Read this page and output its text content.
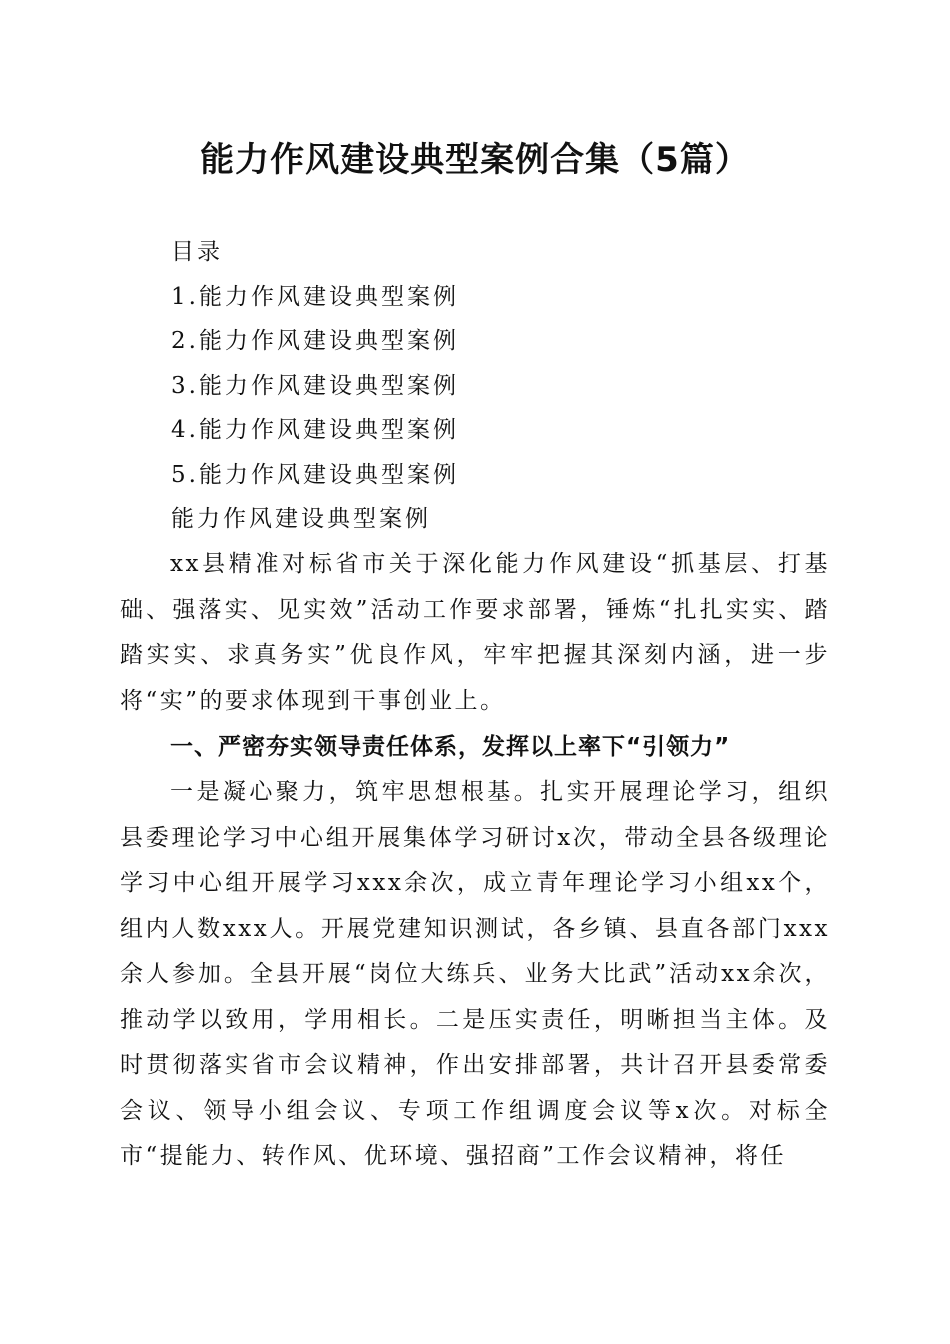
能力作风建设典型案例合集（5篇）
目录
1.能力作风建设典型案例
2.能力作风建设典型案例
3.能力作风建设典型案例
4.能力作风建设典型案例
5.能力作风建设典型案例
能力作风建设典型案例
xx县精准对标省市关于深化能力作风建设“抓基层、打基础、强落实、见实效”活动工作要求部署，锤炼“扎扎实实、踏踏实实、求真务实”优良作风，牢牢把握其深刻内涵，进一步将“实”的要求体现到干事创业上。
一、严密夯实领导责任体系，发挥以上率下“引领力”
一是凝心聚力，筑牢思想根基。扎实开展理论学习，组织县委理论学习中心组开展集体学习研讨x次，带动全县各级理论学习中心组开展学习xxx余次，成立青年理论学习小组xx个，组内人数xxx人。开展党建知识测试，各乡镇、县直各部门xxx余人参加。全县开展“岗位大练兵、业务大比武”活动xx余次，推动学以致用，学用相长。二是压实责任，明晰担当主体。及时贯彻落实省市会议精神，作出安排部署，共计召开县委常委会议、领导小组会议、专项工作组调度会议等x次。对标全市“提能力、转作风、优环境、强招商”工作会议精神，将任
